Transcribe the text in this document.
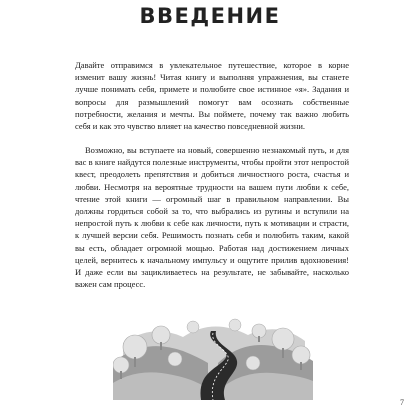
ВВЕДЕНИЕ

Давайте отправимся в увлекательное путешествие, которое в корне изменит вашу жизнь! Читая книгу и выполняя упражнения, вы станете лучше понимать себя, примете и полюбите свое истинное «я». Задания и вопросы для размышлений помогут вам осознать собственные потребности, желания и мечты. Вы поймете, почему так важно любить себя и как это чувство влияет на качество повседневной жизни.

Возможно, вы вступаете на новый, совершенно незнакомый путь, и для вас в книге найдутся полезные инструменты, чтобы пройти этот непростой квест, преодолеть препятствия и добиться личностного роста, счастья и любви. Несмотря на вероятные трудности на вашем пути любви к себе, чтение этой книги — огромный шаг в правильном направлении. Вы должны гордиться собой за то, что выбрались из рутины и вступили на непростой путь к любви к себе как личности, путь к мотивации и страсти, к лучшей версии себя. Решимость познать себя и полюбить таким, какой вы есть, обладает огромной мощью. Работая над достижением личных целей, вернитесь к начальному импульсу и ощутите прилив вдохновения! И даже если вы зацикливаетесь на результате, не забывайте, насколько важен сам процесс.

7
